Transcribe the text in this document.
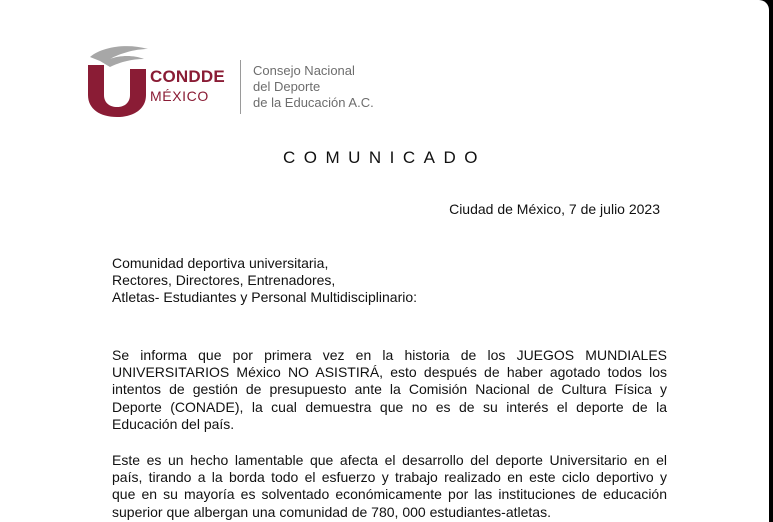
CONDDE
MÉXICO
Consejo Nacional
del Deporte
de la Educación A.C.
COMUNICADO
Ciudad de México, 7 de julio 2023
Comunidad deportiva universitaria,
Rectores, Directores, Entrenadores,
Atletas- Estudiantes y Personal Multidisciplinario:
Se informa que por primera vez en la historia de los JUEGOS MUNDIALES
UNIVERSITARIOS México NO ASISTIRÁ, esto después de haber agotado todos los
intentos de gestión de presupuesto ante la Comisión Nacional de Cultura Física y
Deporte (CONADE), la cual demuestra que no es de su interés el deporte de la
Educación del país.
Este es un hecho lamentable que afecta el desarrollo del deporte Universitario en el
país, tirando a la borda todo el esfuerzo y trabajo realizado en este ciclo deportivo y
que en su mayoría es solventado económicamente por las instituciones de educación
superior que albergan una comunidad de 780, 000 estudiantes-atletas.
